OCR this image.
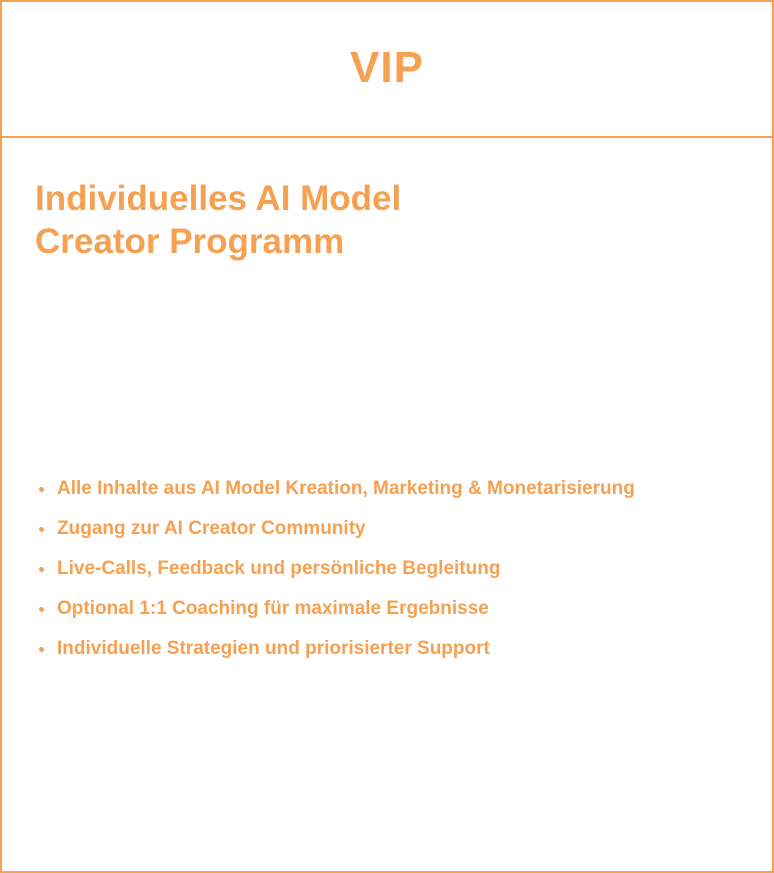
VIP
Individuelles AI Model
Creator Programm
Alle Inhalte aus AI Model Kreation, Marketing & Monetarisierung
Zugang zur AI Creator Community
Live-Calls, Feedback und persönliche Begleitung
Optional 1:1 Coaching für maximale Ergebnisse
Individuelle Strategien und priorisierter Support
